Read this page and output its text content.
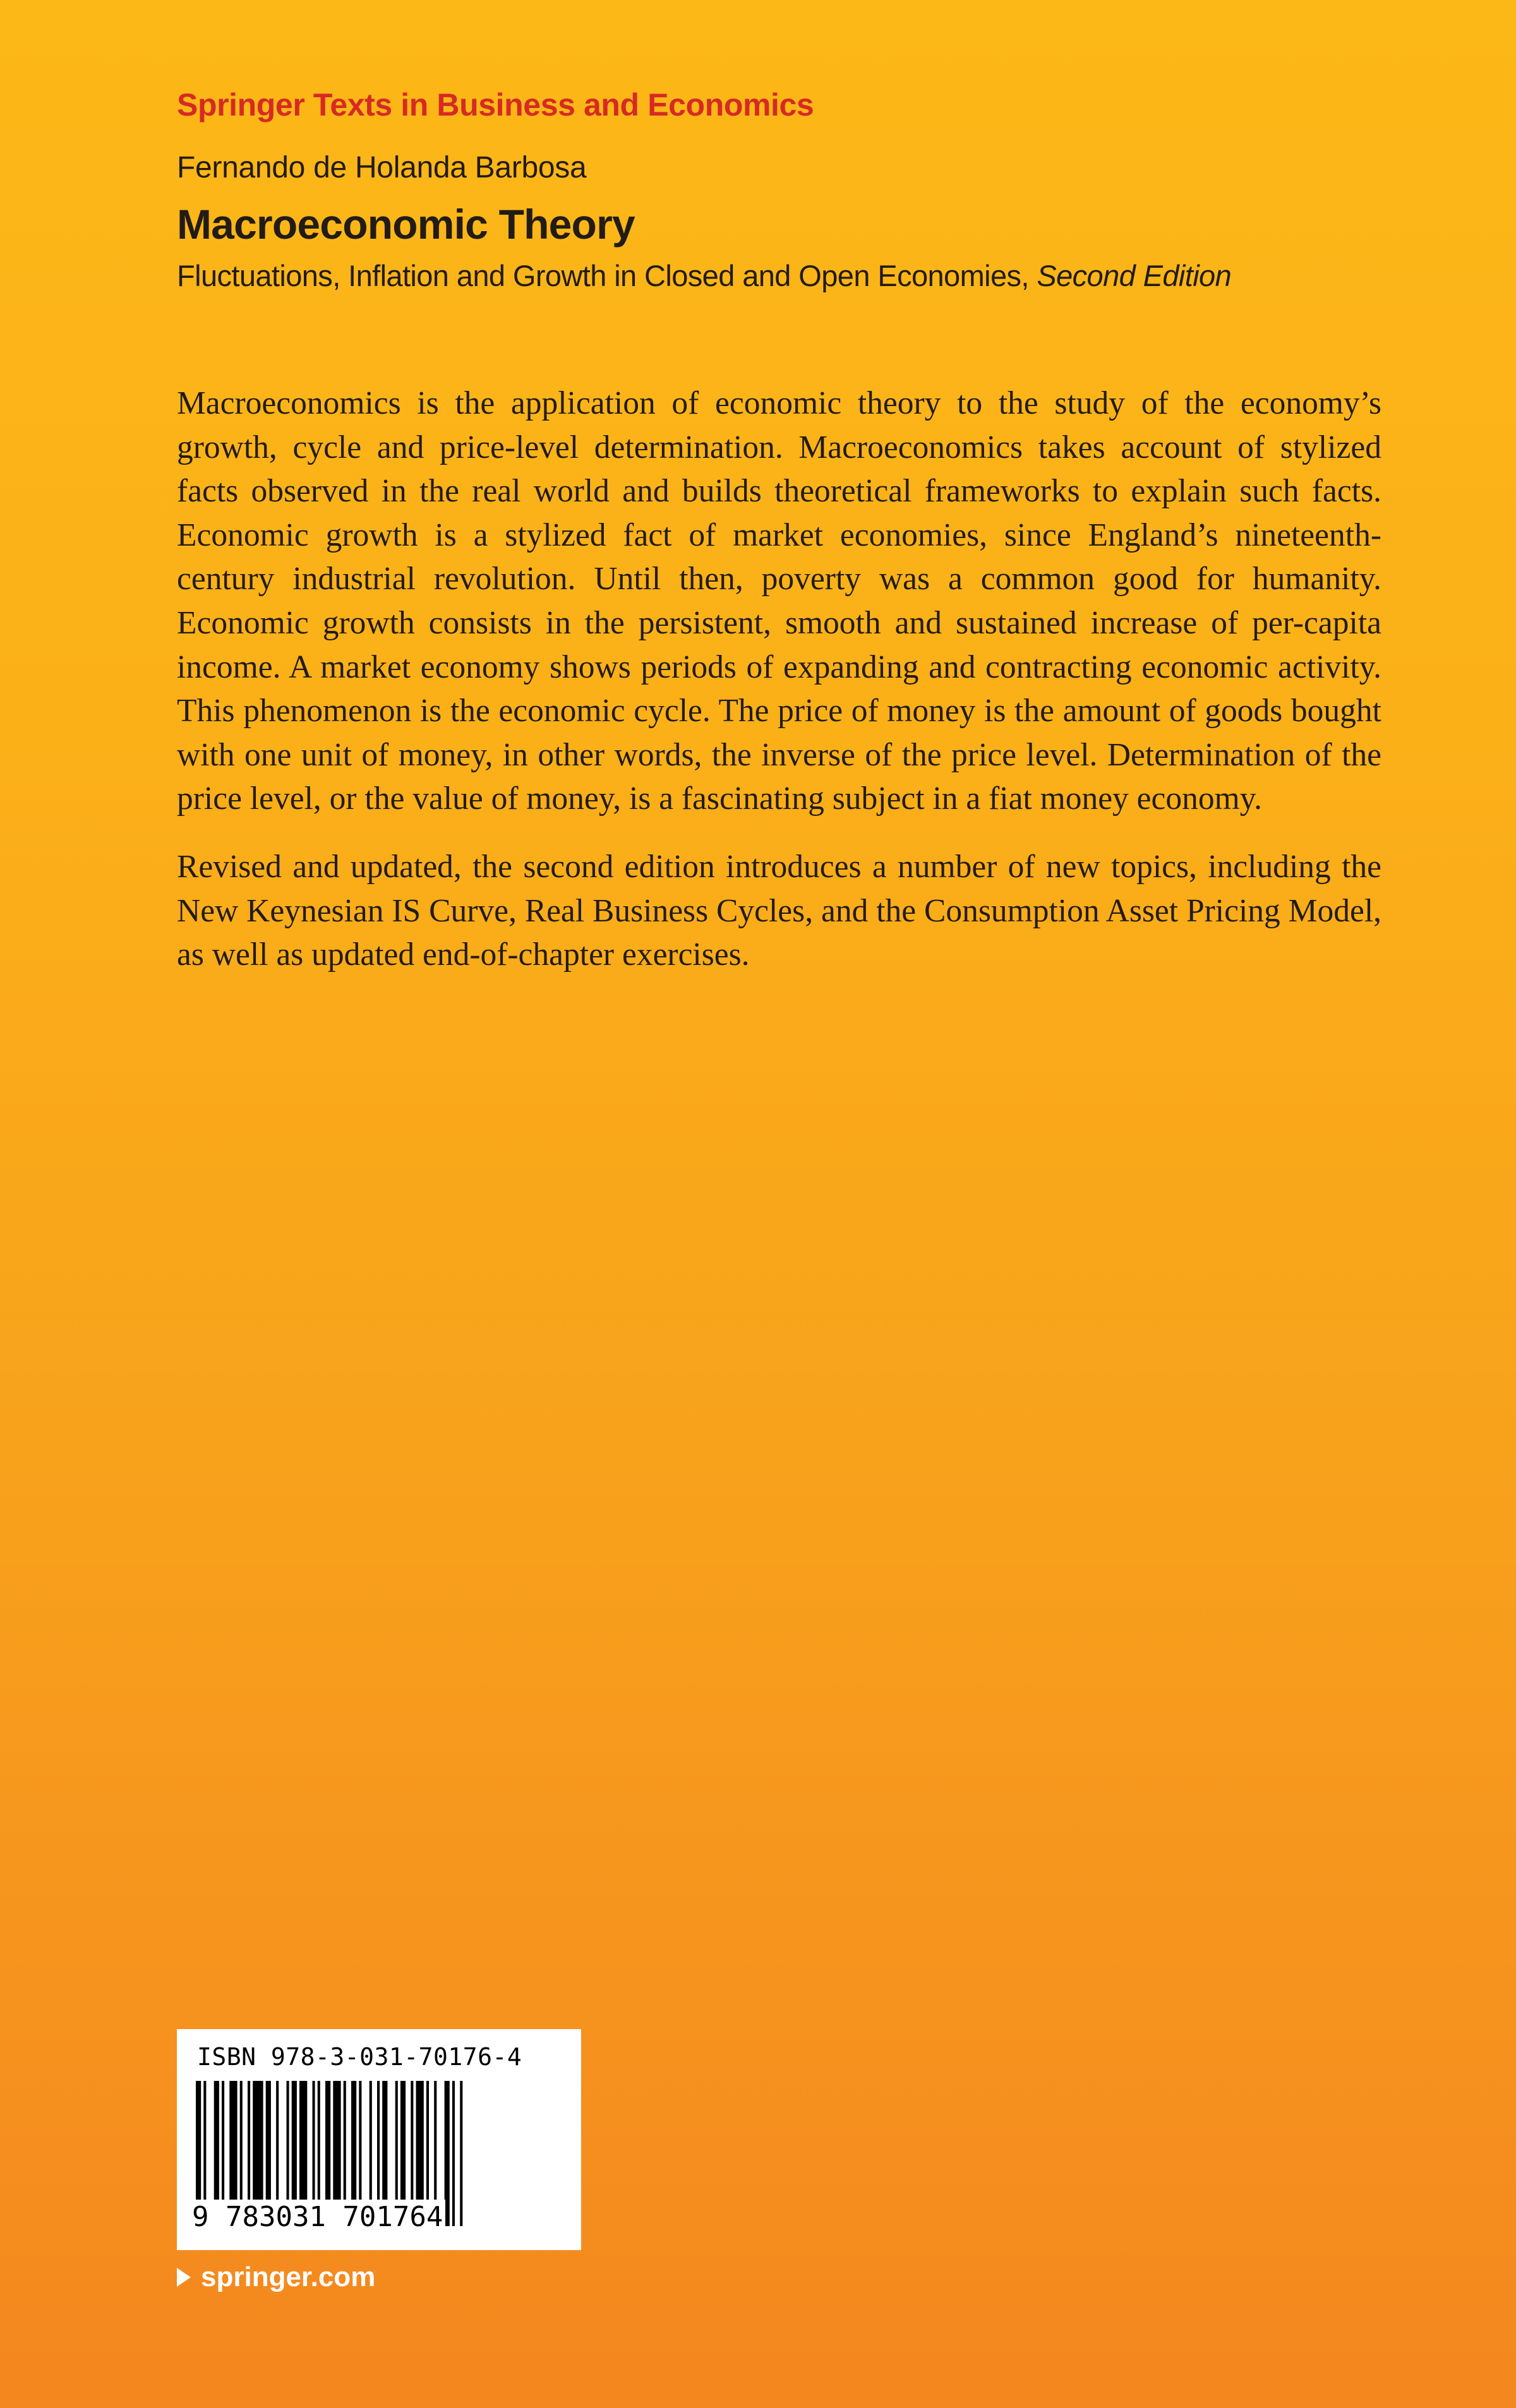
Springer Texts in Business and Economics
Fernando de Holanda Barbosa
Macroeconomic Theory
Fluctuations, Inflation and Growth in Closed and Open Economies, Second Edition

Macroeconomics is the application of economic theory to the study of the economy’s growth, cycle and price-level determination. Macroeconomics takes account of stylized facts observed in the real world and builds theoretical frameworks to explain such facts. Economic growth is a stylized fact of market economies, since England’s nineteenth-century industrial revolution. Until then, poverty was a common good for humanity. Economic growth consists in the persistent, smooth and sustained increase of per-capita income. A market economy shows periods of expanding and contracting economic activity. This phenomenon is the economic cycle. The price of money is the amount of goods bought with one unit of money, in other words, the inverse of the price level. Determination of the price level, or the value of money, is a fascinating subject in a fiat money economy.

Revised and updated, the second edition introduces a number of new topics, including the New Keynesian IS Curve, Real Business Cycles, and the Consumption Asset Pricing Model, as well as updated end-of-chapter exercises.

ISBN 978-3-031-70176-4
9 783031 701764
springer.com
